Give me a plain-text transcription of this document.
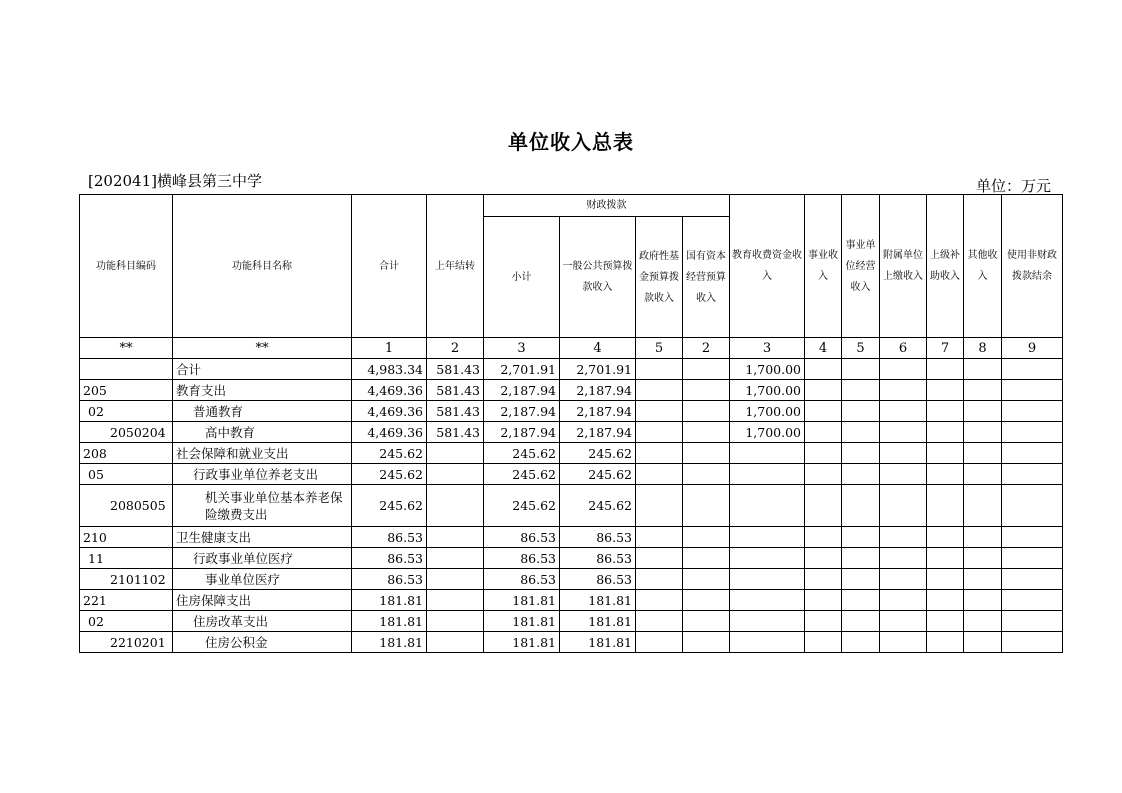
单位收入总表
[202041]横峰县第三中学	单位：万元
功能科目编码	功能科目名称	合计	上年结转	财政拨款				教育收费资金收入	事业收入	事业单位经营收入	附属单位上缴收入	上级补助收入	其他收入	使用非财政拨款结余
				小计	一般公共预算拨款收入	政府性基金预算拨款收入	国有资本经营预算收入							
**	**	1	2	3	4	5	2	3	4	5	6	7	8	9
	合计	4,983.34	581.43	2,701.91	2,701.91			1,700.00						
205	教育支出	4,469.36	581.43	2,187.94	2,187.94			1,700.00						
02	普通教育	4,469.36	581.43	2,187.94	2,187.94			1,700.00						
2050204	高中教育	4,469.36	581.43	2,187.94	2,187.94			1,700.00						
208	社会保障和就业支出	245.62		245.62	245.62									
05	行政事业单位养老支出	245.62		245.62	245.62									
2080505	机关事业单位基本养老保险缴费支出	245.62		245.62	245.62									
210	卫生健康支出	86.53		86.53	86.53									
11	行政事业单位医疗	86.53		86.53	86.53									
2101102	事业单位医疗	86.53		86.53	86.53									
221	住房保障支出	181.81		181.81	181.81									
02	住房改革支出	181.81		181.81	181.81									
2210201	住房公积金	181.81		181.81	181.81									
